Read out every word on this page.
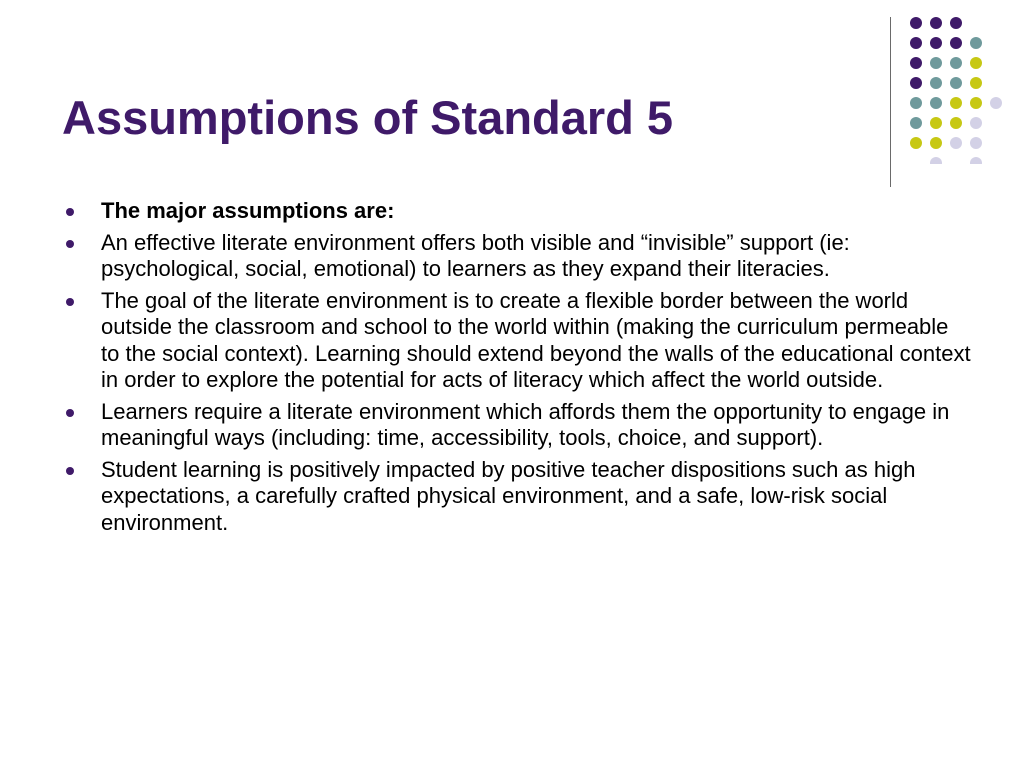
Assumptions of Standard 5
The major assumptions are:
An effective literate environment offers both visible and “invisible” support (ie: psychological, social, emotional) to learners as they expand their literacies.
The goal of the literate environment is to create a flexible border between the world outside the classroom and school to the world within (making the curriculum permeable to the social context). Learning should extend beyond the walls of the educational context in order to explore the potential for acts of literacy which affect the world outside.
Learners require a literate environment which affords them the opportunity to engage in meaningful ways (including: time, accessibility, tools, choice, and support).
Student learning is positively impacted by positive teacher dispositions such as high expectations, a carefully crafted physical environment, and a safe, low-risk social environment.
